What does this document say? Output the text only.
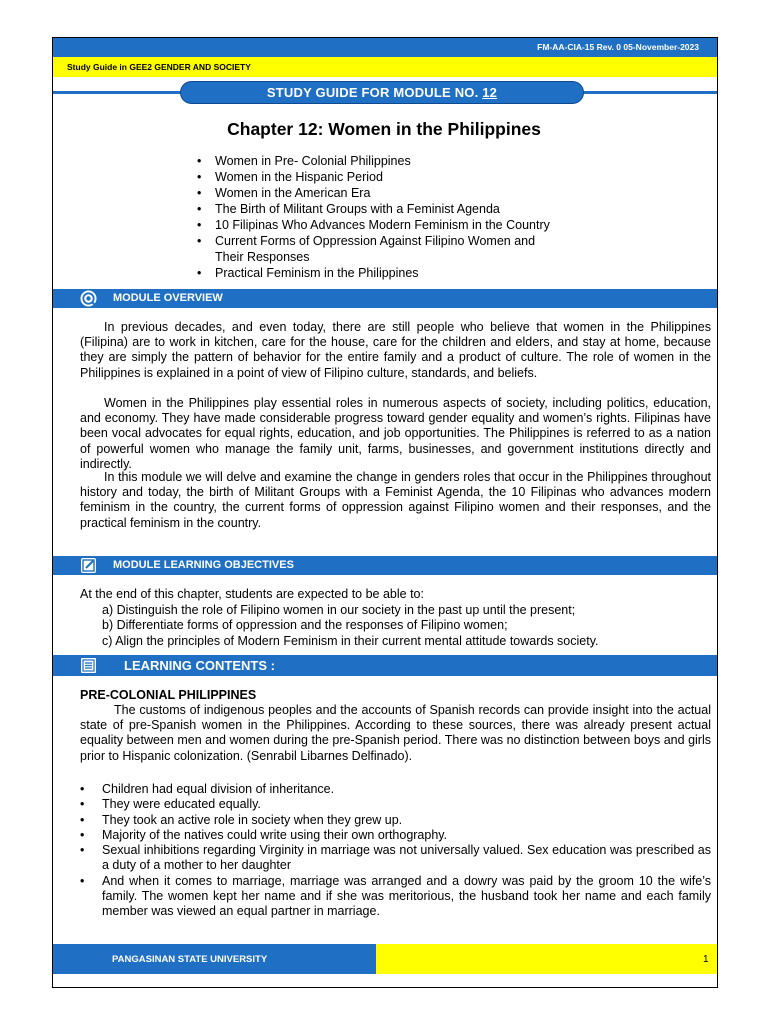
FM-AA-CIA-15 Rev. 0 05-November-2023
Study Guide in GEE2 GENDER AND SOCIETY
STUDY GUIDE FOR MODULE NO. 12
Chapter 12: Women in the Philippines
• Women in Pre- Colonial Philippines
• Women in the Hispanic Period
• Women in the American Era
• The Birth of Militant Groups with a Feminist Agenda
• 10 Filipinas Who Advances Modern Feminism in the Country
• Current Forms of Oppression Against Filipino Women and Their Responses
• Practical Feminism in the Philippines
MODULE OVERVIEW

In previous decades, and even today, there are still people who believe that women in the Philippines (Filipina) are to work in kitchen, care for the house, care for the children and elders, and stay at home, because they are simply the pattern of behavior for the entire family and a product of culture. The role of women in the Philippines is explained in a point of view of Filipino culture, standards, and beliefs.

Women in the Philippines play essential roles in numerous aspects of society, including politics, education, and economy. They have made considerable progress toward gender equality and women’s rights. Filipinas have been vocal advocates for equal rights, education, and job opportunities. The Philippines is referred to as a nation of powerful women who manage the family unit, farms, businesses, and government institutions directly and indirectly.

In this module we will delve and examine the change in genders roles that occur in the Philippines throughout history and today, the birth of Militant Groups with a Feminist Agenda, the 10 Filipinas who advances modern feminism in the country, the current forms of oppression against Filipino women and their responses, and the practical feminism in the country.

MODULE LEARNING OBJECTIVES
At the end of this chapter, students are expected to be able to:
a) Distinguish the role of Filipino women in our society in the past up until the present;
b) Differentiate forms of oppression and the responses of Filipino women;
c) Align the principles of Modern Feminism in their current mental attitude towards society.
LEARNING CONTENTS :
PRE-COLONIAL PHILIPPINES

The customs of indigenous peoples and the accounts of Spanish records can provide insight into the actual state of pre-Spanish women in the Philippines. According to these sources, there was already present actual equality between men and women during the pre-Spanish period. There was no distinction between boys and girls prior to Hispanic colonization. (Senrabil Libarnes Delfinado).

• Children had equal division of inheritance.
• They were educated equally.
• They took an active role in society when they grew up.
• Majority of the natives could write using their own orthography.
• Sexual inhibitions regarding Virginity in marriage was not universally valued. Sex education was prescribed as a duty of a mother to her daughter
• And when it comes to marriage, marriage was arranged and a dowry was paid by the groom 10 the wife’s family. The women kept her name and if she was meritorious, the husband took her name and each family member was viewed an equal partner in marriage.
PANGASINAN STATE UNIVERSITY	1
